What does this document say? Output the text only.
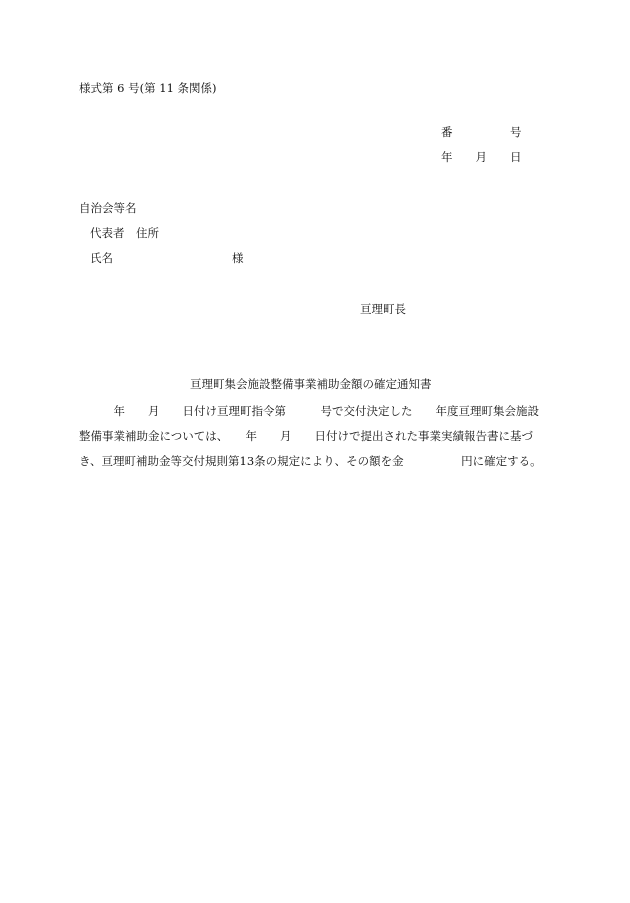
様式第 6 号(第 11 条関係)
番　　　　　号
年　　月　　日
自治会等名
代表者　住所
氏名	様
亘理町長
亘理町集会施設整備事業補助金額の確定通知書
　　　年　　月　　日付け亘理町指令第　　　号で交付決定した　　年度亘理町集会施設
整備事業補助金については、　　年　　月　　日付けで提出された事業実績報告書に基づ
き、亘理町補助金等交付規則第13条の規定により、その額を金　　　　　円に確定する。
